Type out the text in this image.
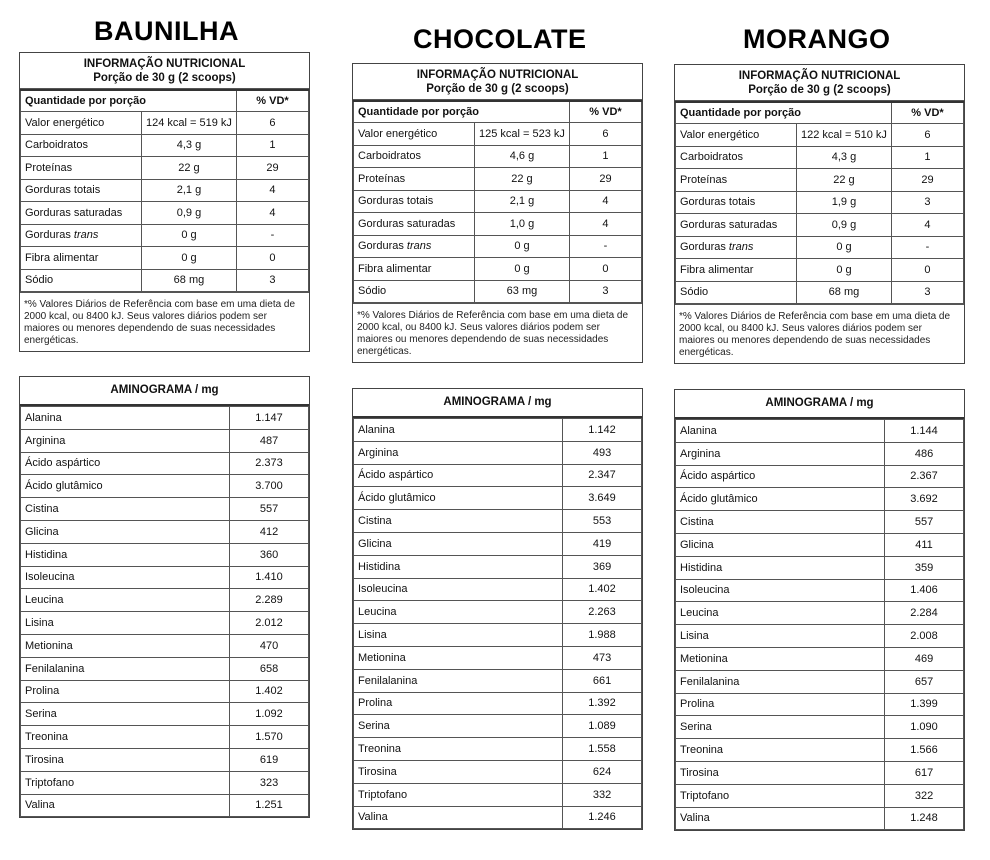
BAUNILHA	CHOCOLATE	MORANGO
INFORMAÇÃO NUTRICIONAL
Porção de 30 g (2 scoops)
Quantidade por porção		% VD*
Valor energético	124 kcal = 519 kJ	6
Carboidratos	4,3 g	1
Proteínas	22 g	29
Gorduras totais	2,1 g	4
Gorduras saturadas	0,9 g	4
Gorduras trans	0 g	-
Fibra alimentar	0 g	0
Sódio	68 mg	3
*% Valores Diários de Referência com base em uma dieta de 2000 kcal, ou 8400 kJ. Seus valores diários podem ser maiores ou menores dependendo de suas necessidades energéticas.
INFORMAÇÃO NUTRICIONAL
Porção de 30 g (2 scoops)
Quantidade por porção		% VD*
Valor energético	125 kcal = 523 kJ	6
Carboidratos	4,6 g	1
Proteínas	22 g	29
Gorduras totais	2,1 g	4
Gorduras saturadas	1,0 g	4
Gorduras trans	0 g	-
Fibra alimentar	0 g	0
Sódio	63 mg	3
*% Valores Diários de Referência com base em uma dieta de 2000 kcal, ou 8400 kJ. Seus valores diários podem ser maiores ou menores dependendo de suas necessidades energéticas.
INFORMAÇÃO NUTRICIONAL
Porção de 30 g (2 scoops)
Quantidade por porção		% VD*
Valor energético	122 kcal = 510 kJ	6
Carboidratos	4,3 g	1
Proteínas	22 g	29
Gorduras totais	1,9 g	3
Gorduras saturadas	0,9 g	4
Gorduras trans	0 g	-
Fibra alimentar	0 g	0
Sódio	68 mg	3
*% Valores Diários de Referência com base em uma dieta de 2000 kcal, ou 8400 kJ. Seus valores diários podem ser maiores ou menores dependendo de suas necessidades energéticas.
AMINOGRAMA / mg
Alanina	1.147
Arginina	487
Ácido aspártico	2.373
Ácido glutâmico	3.700
Cistina	557
Glicina	412
Histidina	360
Isoleucina	1.410
Leucina	2.289
Lisina	2.012
Metionina	470
Fenilalanina	658
Prolina	1.402
Serina	1.092
Treonina	1.570
Tirosina	619
Triptofano	323
Valina	1.251
AMINOGRAMA / mg
Alanina	1.142
Arginina	493
Ácido aspártico	2.347
Ácido glutâmico	3.649
Cistina	553
Glicina	419
Histidina	369
Isoleucina	1.402
Leucina	2.263
Lisina	1.988
Metionina	473
Fenilalanina	661
Prolina	1.392
Serina	1.089
Treonina	1.558
Tirosina	624
Triptofano	332
Valina	1.246
AMINOGRAMA / mg
Alanina	1.144
Arginina	486
Ácido aspártico	2.367
Ácido glutâmico	3.692
Cistina	557
Glicina	411
Histidina	359
Isoleucina	1.406
Leucina	2.284
Lisina	2.008
Metionina	469
Fenilalanina	657
Prolina	1.399
Serina	1.090
Treonina	1.566
Tirosina	617
Triptofano	322
Valina	1.248
